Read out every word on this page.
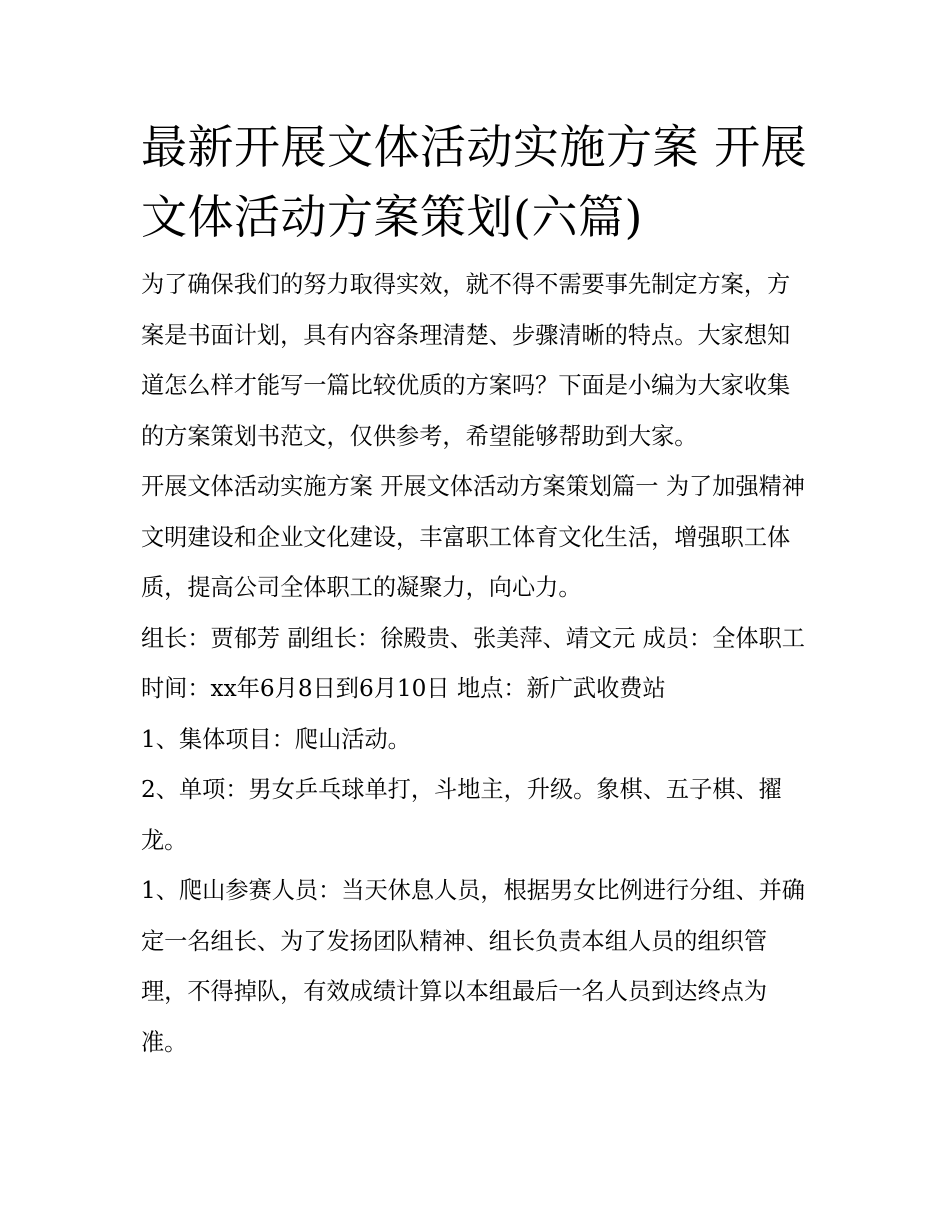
最新开展文体活动实施方案 开展文体活动方案策划(六篇)

为了确保我们的努力取得实效，就不得不需要事先制定方案，方案是书面计划，具有内容条理清楚、步骤清晰的特点。大家想知道怎么样才能写一篇比较优质的方案吗？下面是小编为大家收集的方案策划书范文，仅供参考，希望能够帮助到大家。

开展文体活动实施方案 开展文体活动方案策划篇一 为了加强精神文明建设和企业文化建设，丰富职工体育文化生活，增强职工体质，提高公司全体职工的凝聚力，向心力。

组长：贾郁芳 副组长：徐殿贵、张美萍、靖文元 成员：全体职工 时间：xx年6月8日到6月10日 地点：新广武收费站

1、集体项目：爬山活动。

2、单项：男女乒乓球单打，斗地主，升级。象棋、五子棋、擢龙。

1、爬山参赛人员：当天休息人员，根据男女比例进行分组、并确定一名组长、为了发扬团队精神、组长负责本组人员的组织管理，不得掉队，有效成绩计算以本组最后一名人员到达终点为准。
